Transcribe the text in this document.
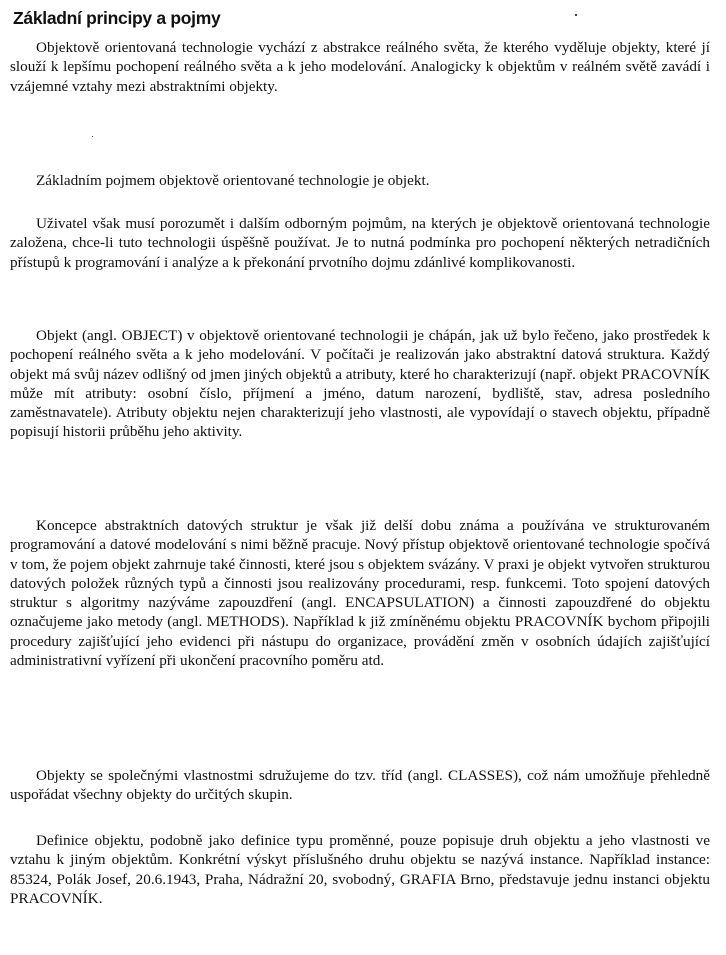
Základní principy a pojmy

Objektově orientovaná technologie vychází z abstrakce reálného světa, že kterého vyděluje objekty, které jí slouží k lepšímu pochopení reálného světa a k jeho modelování. Analogicky k objektům v reálném světě zavádí i vzájemné vztahy mezi abstraktními objekty.

Základním pojmem objektově orientované technologie je objekt.

Uživatel však musí porozumět i dalším odborným pojmům, na kterých je objektově orientovaná technologie založena, chce-li tuto technologii úspěšně používat. Je to nutná podmínka pro pochopení některých netradičních přístupů k programování i analýze a k překonání prvotního dojmu zdánlivé komplikovanosti.

Objekt (angl. OBJECT) v objektově orientované technologii je chápán, jak už bylo řečeno, jako prostředek k pochopení reálného světa a k jeho modelování. V počítači je realizován jako abstraktní datová struktura. Každý objekt má svůj název odlišný od jmen jiných objektů a atributy, které ho charakterizují (např. objekt PRACOVNÍK může mít atributy: osobní číslo, příjmení a jméno, datum narození, bydliště, stav, adresa posledního zaměstnavatele). Atributy objektu nejen charakterizují jeho vlastnosti, ale vypovídají o stavech objektu, případně popisují historii průběhu jeho aktivity.

Koncepce abstraktních datových struktur je však již delší dobu známa a používána ve strukturovaném programování a datové modelování s nimi běžně pracuje. Nový přístup objektově orientované technologie spočívá v tom, že pojem objekt zahrnuje také činnosti, které jsou s objektem svázány. V praxi je objekt vytvořen strukturou datových položek různých typů a činnosti jsou realizovány procedurami, resp. funkcemi. Toto spojení datových struktur s algoritmy nazýváme zapouzdření (angl. ENCAPSULATION) a činnosti zapouzdřené do objektu označujeme jako metody (angl. METHODS). Například k již zmíněnému objektu PRACOVNÍK bychom připojili procedury zajišťující jeho evidenci při nástupu do organizace, provádění změn v osobních údajích zajišťující administrativní vyřízení při ukončení pracovního poměru atd.

Objekty se společnými vlastnostmi sdružujeme do tzv. tříd (angl. CLASSES), což nám umožňuje přehledně uspořádat všechny objekty do určitých skupin.

Definice objektu, podobně jako definice typu proměnné, pouze popisuje druh objektu a jeho vlastnosti ve vztahu k jiným objektům. Konkrétní výskyt příslušného druhu objektu se nazývá instance. Například instance: 85324, Polák Josef, 20.6.1943, Praha, Nádražní 20, svobodný, GRAFIA Brno, představuje jednu instanci objektu PRACOVNÍK.
